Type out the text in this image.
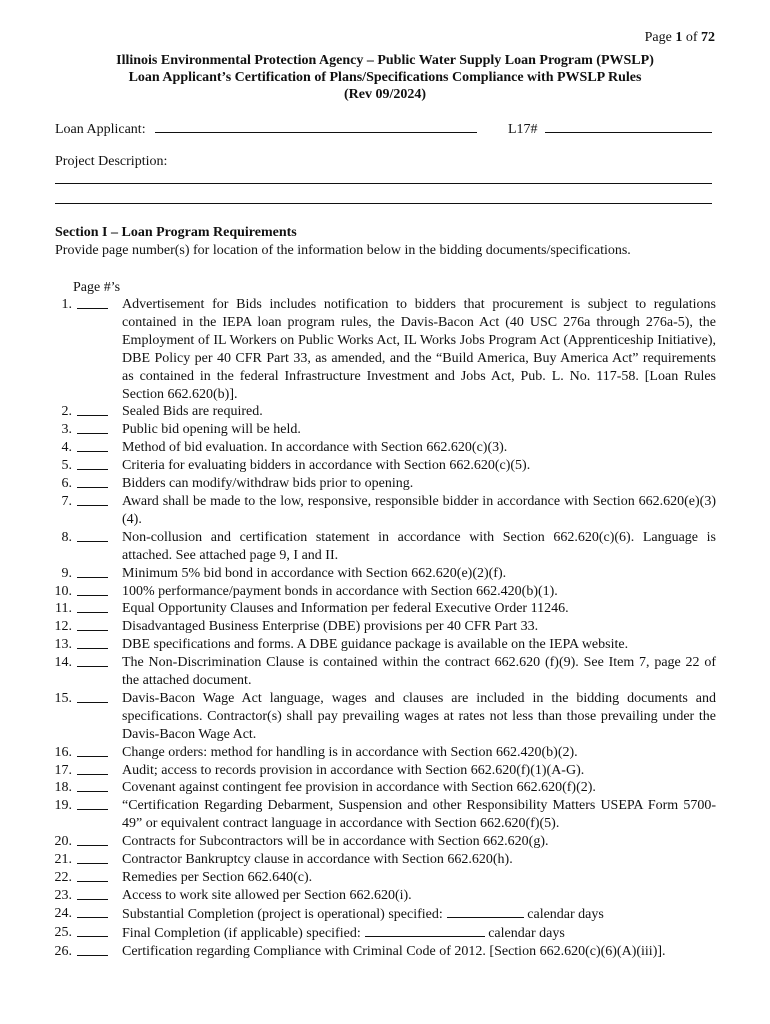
Page 1 of 72
Illinois Environmental Protection Agency – Public Water Supply Loan Program (PWSLP)
Loan Applicant’s Certification of Plans/Specifications Compliance with PWSLP Rules
(Rev 09/2024)
Loan Applicant:	L17#
Project Description:
Section I – Loan Program Requirements
Provide page number(s) for location of the information below in the bidding documents/specifications.
Page #’s
1.	Advertisement for Bids includes notification to bidders that procurement is subject to regulations contained in the IEPA loan program rules, the Davis-Bacon Act (40 USC 276a through 276a-5), the Employment of IL Workers on Public Works Act, IL Works Jobs Program Act (Apprenticeship Initiative), DBE Policy per 40 CFR Part 33, as amended, and the “Build America, Buy America Act” requirements as contained in the federal Infrastructure Investment and Jobs Act, Pub. L. No. 117-58. [Loan Rules Section 662.620(b)].
2.	Sealed Bids are required.
3.	Public bid opening will be held.
4.	Method of bid evaluation. In accordance with Section 662.620(c)(3).
5.	Criteria for evaluating bidders in accordance with Section 662.620(c)(5).
6.	Bidders can modify/withdraw bids prior to opening.
7.	Award shall be made to the low, responsive, responsible bidder in accordance with Section 662.620(e)(3)(4).
8.	Non-collusion and certification statement in accordance with Section 662.620(c)(6). Language is attached. See attached page 9, I and II.
9.	Minimum 5% bid bond in accordance with Section 662.620(e)(2)(f).
10.	100% performance/payment bonds in accordance with Section 662.420(b)(1).
11.	Equal Opportunity Clauses and Information per federal Executive Order 11246.
12.	Disadvantaged Business Enterprise (DBE) provisions per 40 CFR Part 33.
13.	DBE specifications and forms. A DBE guidance package is available on the IEPA website.
14.	The Non-Discrimination Clause is contained within the contract 662.620 (f)(9). See Item 7, page 22 of the attached document.
15.	Davis-Bacon Wage Act language, wages and clauses are included in the bidding documents and specifications. Contractor(s) shall pay prevailing wages at rates not less than those prevailing under the Davis-Bacon Wage Act.
16.	Change orders: method for handling is in accordance with Section 662.420(b)(2).
17.	Audit; access to records provision in accordance with Section 662.620(f)(1)(A-G).
18.	Covenant against contingent fee provision in accordance with Section 662.620(f)(2).
19.	“Certification Regarding Debarment, Suspension and other Responsibility Matters USEPA Form 5700-49” or equivalent contract language in accordance with Section 662.620(f)(5).
20.	Contracts for Subcontractors will be in accordance with Section 662.620(g).
21.	Contractor Bankruptcy clause in accordance with Section 662.620(h).
22.	Remedies per Section 662.640(c).
23.	Access to work site allowed per Section 662.620(i).
24.	Substantial Completion (project is operational) specified:	calendar days
25.	Final Completion (if applicable) specified:	calendar days
26.	Certification regarding Compliance with Criminal Code of 2012. [Section 662.620(c)(6)(A)(iii)].
